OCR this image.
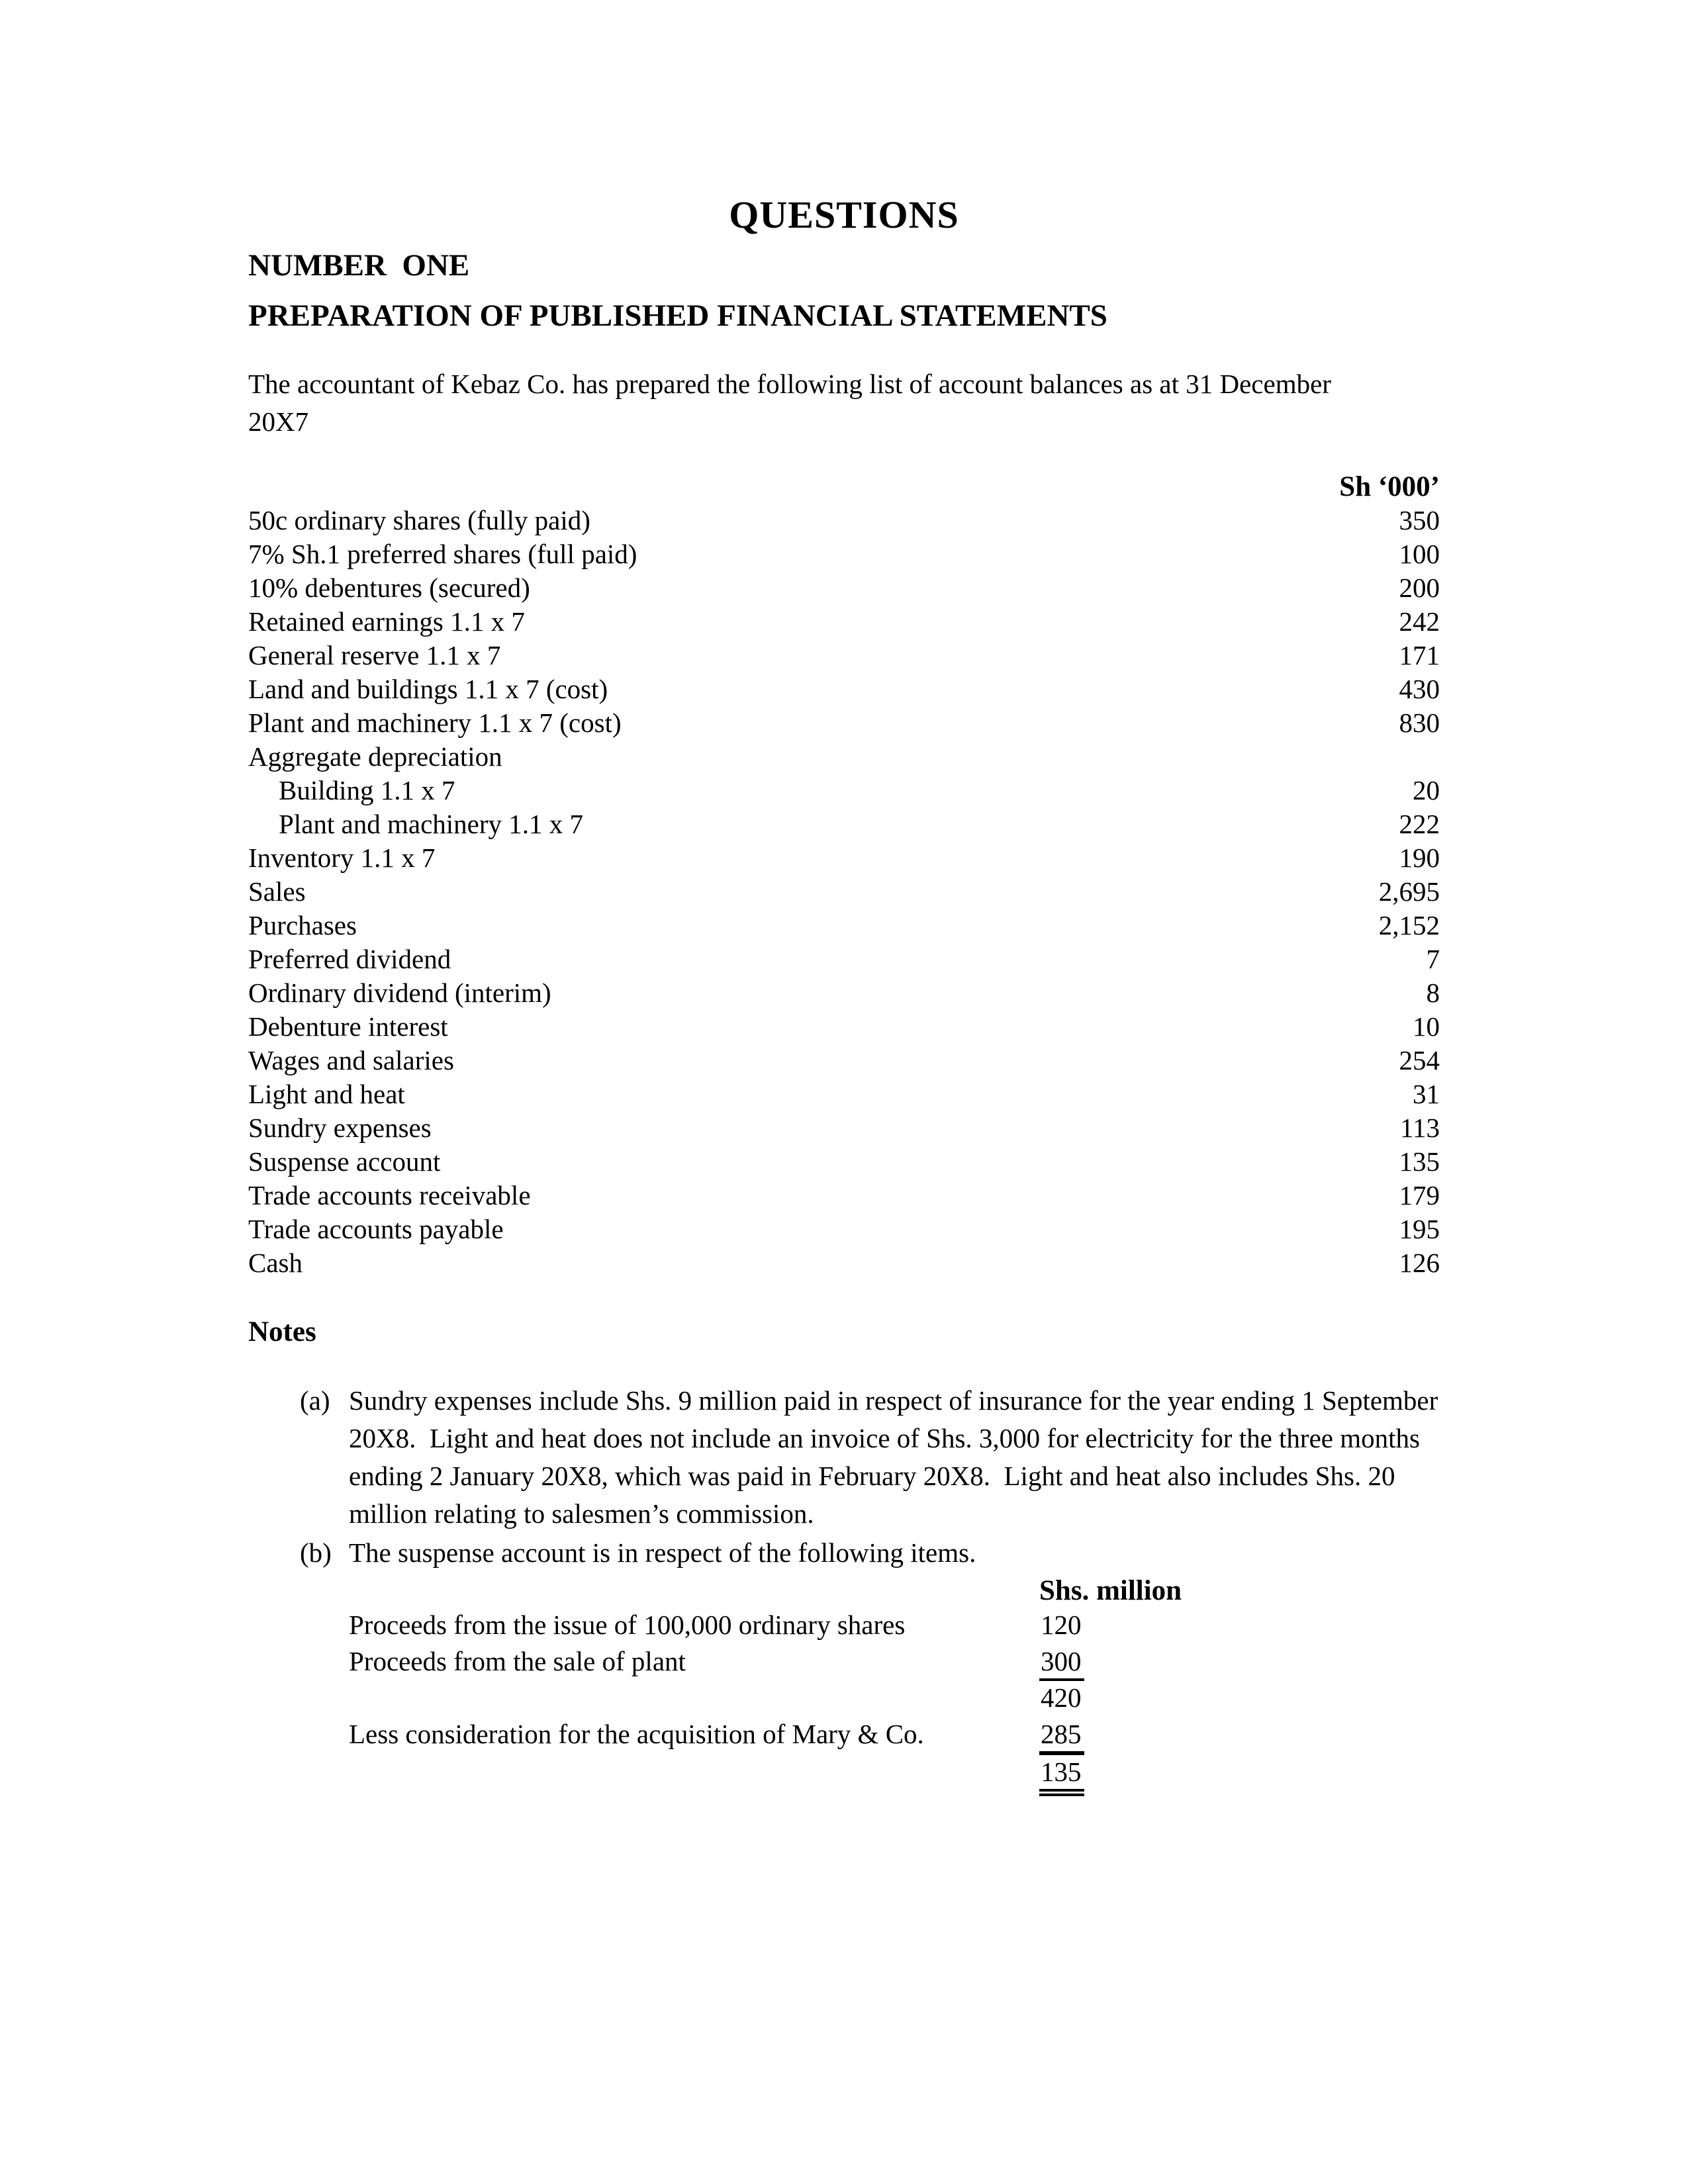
QUESTIONS
NUMBER  ONE
PREPARATION OF PUBLISHED FINANCIAL STATEMENTS

The accountant of Kebaz Co. has prepared the following list of account balances as at 31 December
20X7

Sh ‘000’
50c ordinary shares (fully paid)	350
7% Sh.1 preferred shares (full paid)	100
10% debentures (secured)	200
Retained earnings 1.1 x 7	242
General reserve 1.1 x 7	171
Land and buildings 1.1 x 7 (cost)	430
Plant and machinery 1.1 x 7 (cost)	830
Aggregate depreciation
Building 1.1 x 7	20
Plant and machinery 1.1 x 7	222
Inventory 1.1 x 7	190
Sales	2,695
Purchases	2,152
Preferred dividend	7
Ordinary dividend (interim)	8
Debenture interest	10
Wages and salaries	254
Light and heat	31
Sundry expenses	113
Suspense account	135
Trade accounts receivable	179
Trade accounts payable	195
Cash	126
Notes
(a) Sundry expenses include Shs. 9 million paid in respect of insurance for the year ending 1 September 20X8.  Light and heat does not include an invoice of Shs. 3,000 for electricity for the three months ending 2 January 20X8, which was paid in February 20X8.  Light and heat also includes Shs. 20 million relating to salesmen’s commission.
(b) The suspense account is in respect of the following items.
Shs. million
Proceeds from the issue of 100,000 ordinary shares	120
Proceeds from the sale of plant	300
420
Less consideration for the acquisition of Mary & Co.	285
135
